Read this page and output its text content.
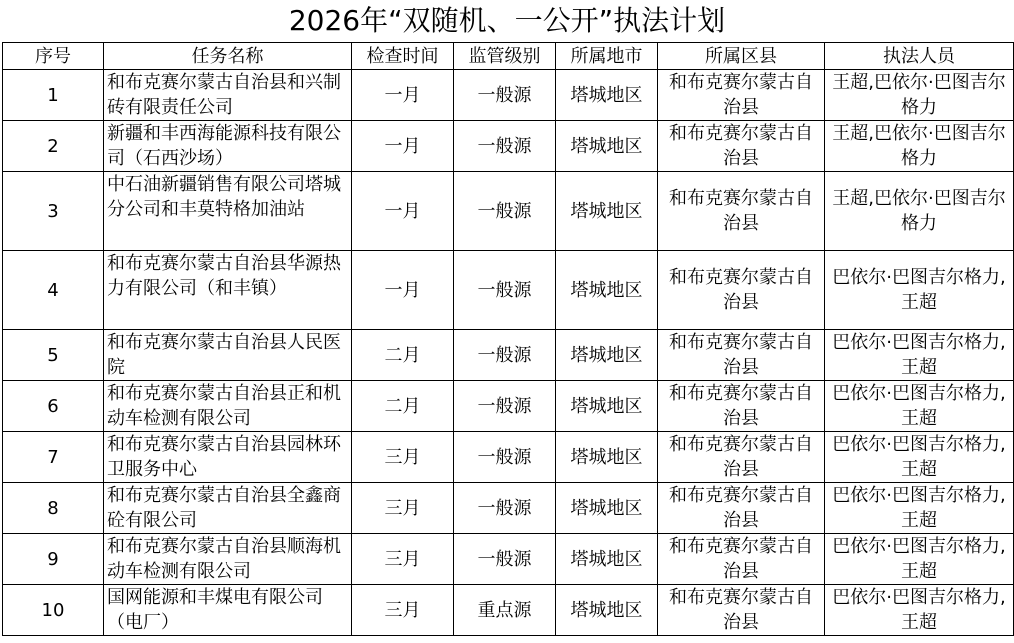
2026年“双随机、一公开”执法计划
序号	任务名称	检查时间	监管级别	所属地市	所属区县	执法人员
1	和布克赛尔蒙古自治县和兴制砖有限责任公司	一月	一般源	塔城地区	和布克赛尔蒙古自治县	王超,巴依尔·巴图吉尔格力
2	新疆和丰西海能源科技有限公司（石西沙场）	一月	一般源	塔城地区	和布克赛尔蒙古自治县	王超,巴依尔·巴图吉尔格力
3	中石油新疆销售有限公司塔城分公司和丰莫特格加油站	一月	一般源	塔城地区	和布克赛尔蒙古自治县	王超,巴依尔·巴图吉尔格力
4	和布克赛尔蒙古自治县华源热力有限公司（和丰镇）	一月	一般源	塔城地区	和布克赛尔蒙古自治县	巴依尔·巴图吉尔格力,王超
5	和布克赛尔蒙古自治县人民医院	二月	一般源	塔城地区	和布克赛尔蒙古自治县	巴依尔·巴图吉尔格力,王超
6	和布克赛尔蒙古自治县正和机动车检测有限公司	二月	一般源	塔城地区	和布克赛尔蒙古自治县	巴依尔·巴图吉尔格力,王超
7	和布克赛尔蒙古自治县园林环卫服务中心	三月	一般源	塔城地区	和布克赛尔蒙古自治县	巴依尔·巴图吉尔格力,王超
8	和布克赛尔蒙古自治县全鑫商砼有限公司	三月	一般源	塔城地区	和布克赛尔蒙古自治县	巴依尔·巴图吉尔格力,王超
9	和布克赛尔蒙古自治县顺海机动车检测有限公司	三月	一般源	塔城地区	和布克赛尔蒙古自治县	巴依尔·巴图吉尔格力,王超
10	国网能源和丰煤电有限公司（电厂）	三月	重点源	塔城地区	和布克赛尔蒙古自治县	巴依尔·巴图吉尔格力,王超
